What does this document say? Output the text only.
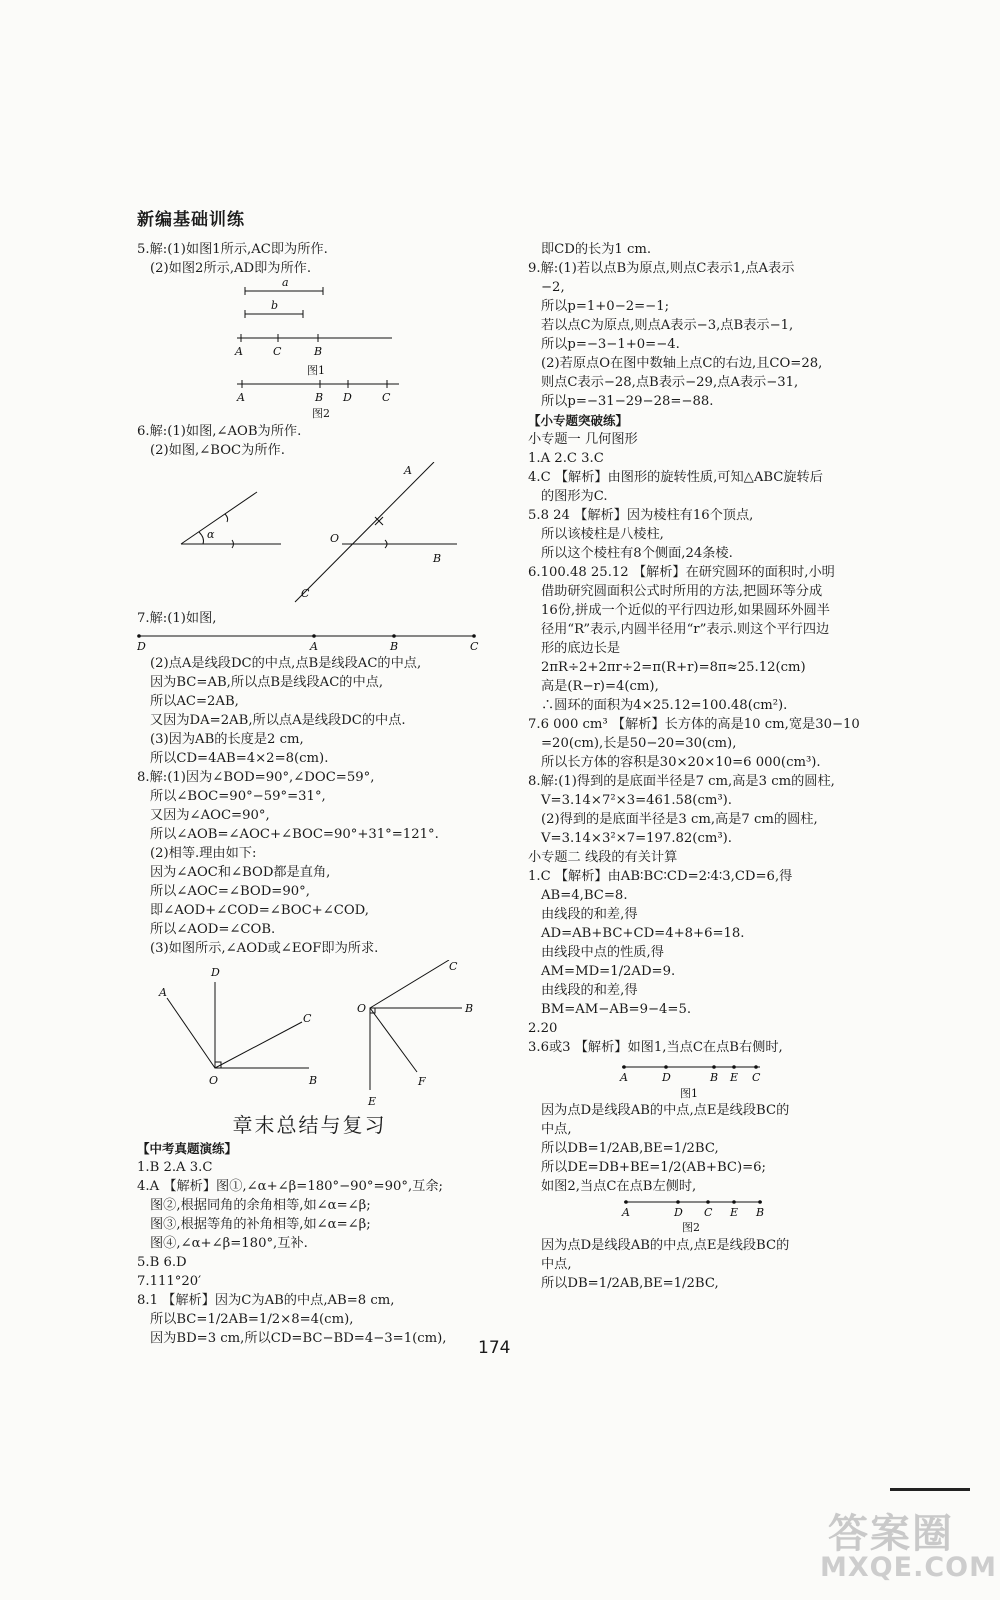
新编基础训练
5.解:(1)如图1所示,AC即为所作.
(2)如图2所示,AD即为所作.
a
b
A	C	B
图1
A	B D	C
图2
6.解:(1)如图,∠AOB为所作.
(2)如图,∠BOC为所作.
α
A
O
B
C
7.解:(1)如图,
D	A	B	C
(2)点A是线段DC的中点,点B是线段AC的中点,
因为BC=AB,所以点B是线段AC的中点,
所以AC=2AB,
又因为DA=2AB,所以点A是线段DC的中点.
(3)因为AB的长度是2 cm,
所以CD=4AB=4×2=8(cm).
8.解:(1)因为∠BOD=90°,∠DOC=59°,
所以∠BOC=90°−59°=31°,
又因为∠AOC=90°,
所以∠AOB=∠AOC+∠BOC=90°+31°=121°.
(2)相等.理由如下:
因为∠AOC和∠BOD都是直角,
所以∠AOC=∠BOD=90°,
即∠AOD+∠COD=∠BOC+∠COD,
所以∠AOD=∠COB.
(3)如图所示,∠AOD或∠EOF即为所求.
D
A
C
O	B
C
O	B
E
F
章末总结与复习
【中考真题演练】
1.B 2.A 3.C
4.A 【解析】图①,∠α+∠β=180°−90°=90°,互余;
图②,根据同角的余角相等,如∠α=∠β;
图③,根据等角的补角相等,如∠α=∠β;
图④,∠α+∠β=180°,互补.
5.B 6.D
7.111°20′
8.1 【解析】因为C为AB的中点,AB=8 cm,
所以BC=1/2AB=1/2×8=4(cm),
因为BD=3 cm,所以CD=BC−BD=4−3=1(cm),
即CD的长为1 cm.
9.解:(1)若以点B为原点,则点C表示1,点A表示
−2,
所以p=1+0−2=−1;
若以点C为原点,则点A表示−3,点B表示−1,
所以p=−3−1+0=−4.
(2)若原点O在图中数轴上点C的右边,且CO=28,
则点C表示−28,点B表示−29,点A表示−31,
所以p=−31−29−28=−88.
【小专题突破练】
小专题一 几何图形
1.A 2.C 3.C
4.C 【解析】由图形的旋转性质,可知△ABC旋转后
的图形为C.
5.8 24 【解析】因为棱柱有16个顶点,
所以该棱柱是八棱柱,
所以这个棱柱有8个侧面,24条棱.
6.100.48 25.12 【解析】在研究圆环的面积时,小明
借助研究圆面积公式时所用的方法,把圆环等分成
16份,拼成一个近似的平行四边形,如果圆环外圆半
径用“R”表示,内圆半径用“r”表示.则这个平行四边
形的底边长是
2πR÷2+2πr÷2=π(R+r)=8π≈25.12(cm)
高是(R−r)=4(cm),
∴圆环的面积为4×25.12=100.48(cm²).
7.6 000 cm³ 【解析】长方体的高是10 cm,宽是30−10
=20(cm),长是50−20=30(cm),
所以长方体的容积是30×20×10=6 000(cm³).
8.解:(1)得到的是底面半径是7 cm,高是3 cm的圆柱,
V=3.14×7²×3=461.58(cm³).
(2)得到的是底面半径是3 cm,高是7 cm的圆柱,
V=3.14×3²×7=197.82(cm³).
小专题二 线段的有关计算
1.C 【解析】由AB∶BC∶CD=2∶4∶3,CD=6,得
AB=4,BC=8.
由线段的和差,得
AD=AB+BC+CD=4+8+6=18.
由线段中点的性质,得
AM=MD=1/2AD=9.
由线段的和差,得
BM=AM−AB=9−4=5.
2.20
3.6或3 【解析】如图1,当点C在点B右侧时,
A	D	B E C
图1
因为点D是线段AB的中点,点E是线段BC的
中点,
所以DB=1/2AB,BE=1/2BC,
所以DE=DB+BE=1/2(AB+BC)=6;
如图2,当点C在点B左侧时,
A	D C E B
图2
因为点D是线段AB的中点,点E是线段BC的
中点,
所以DB=1/2AB,BE=1/2BC,
174
答案圈
MXQE.COM
